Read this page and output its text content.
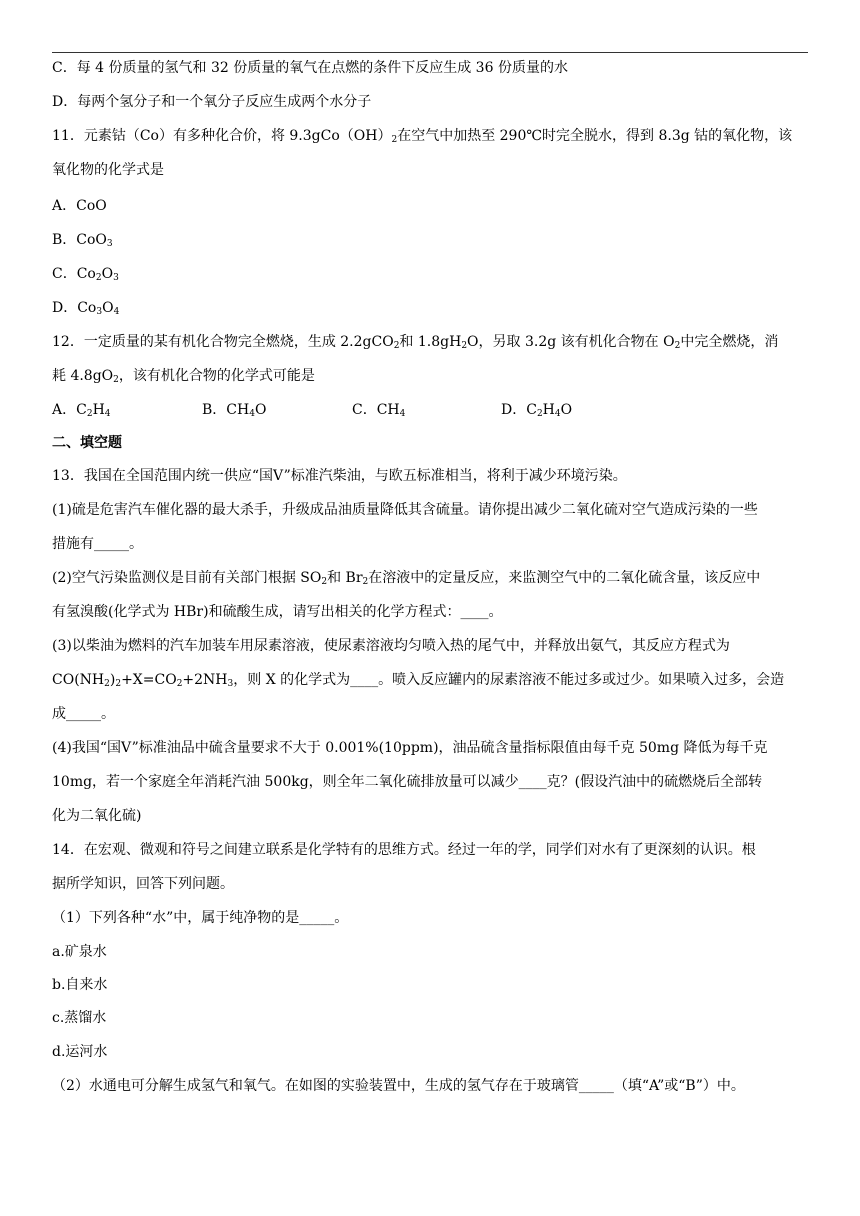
C．每 4 份质量的氢气和 32 份质量的氧气在点燃的条件下反应生成 36 份质量的水
D．每两个氢分子和一个氧分子反应生成两个水分子
11．元素钴（Co）有多种化合价，将 $9.3gCo(OH)_2$在空气中加热至 290℃时完全脱水，得到 8.3g 钴的氧化物，该
氧化物的化学式是
A．CoO
B．CoO$_3$
C．$Co_2O_3$
D．$Co_3O_4$
12．一定质量的某有机化合物完全燃烧，生成 2.2gCO$_2$和 $1.8gH_2O$，另取 3.2g 该有机化合物在 $O_2$中完全燃烧，消
耗 $4.8gO_2$，该有机化合物的化学式可能是
A．$C_2H_4$	B．$CH_4O$	C．$CH_4$	D．$C_2H_4O$
二、填空题
13．我国在全国范围内统一供应“国V”标准汽柴油，与欧五标准相当，将利于减少环境污染。
(1)硫是危害汽车催化器的最大杀手，升级成品油质量降低其含硫量。请你提出减少二氧化硫对空气造成污染的一些
措施有_____。
(2)空气污染监测仪是目前有关部门根据 $SO_2$和 $Br_2$在溶液中的定量反应，来监测空气中的二氧化硫含量，该反应中
有氢溴酸(化学式为 HBr)和硫酸生成，请写出相关的化学方程式：____。
(3)以柴油为燃料的汽车加装车用尿素溶液，使尿素溶液均匀喷入热的尾气中，并释放出氨气，其反应方程式为
$CO(NH_2)_2+X=CO_2+2NH_3$，则 X 的化学式为____。喷入反应罐内的尿素溶液不能过多或过少。如果喷入过多，会造
成_____。
(4)我国“国V”标准油品中硫含量要求不大于 0.001%(10ppm)，油品硫含量指标限值由每千克 50mg 降低为每千克
10mg，若一个家庭全年消耗汽油 500kg，则全年二氧化硫排放量可以减少____克？(假设汽油中的硫燃烧后全部转
化为二氧化硫)
14．在宏观、微观和符号之间建立联系是化学特有的思维方式。经过一年的学，同学们对水有了更深刻的认识。根
据所学知识，回答下列问题。
（1）下列各种“水”中，属于纯净物的是_____。
a.矿泉水
b.自来水
c.蒸馏水
d.运河水
（2）水通电可分解生成氢气和氧气。在如图的实验装置中，生成的氢气存在于玻璃管_____（填“A”或“B”）中。
